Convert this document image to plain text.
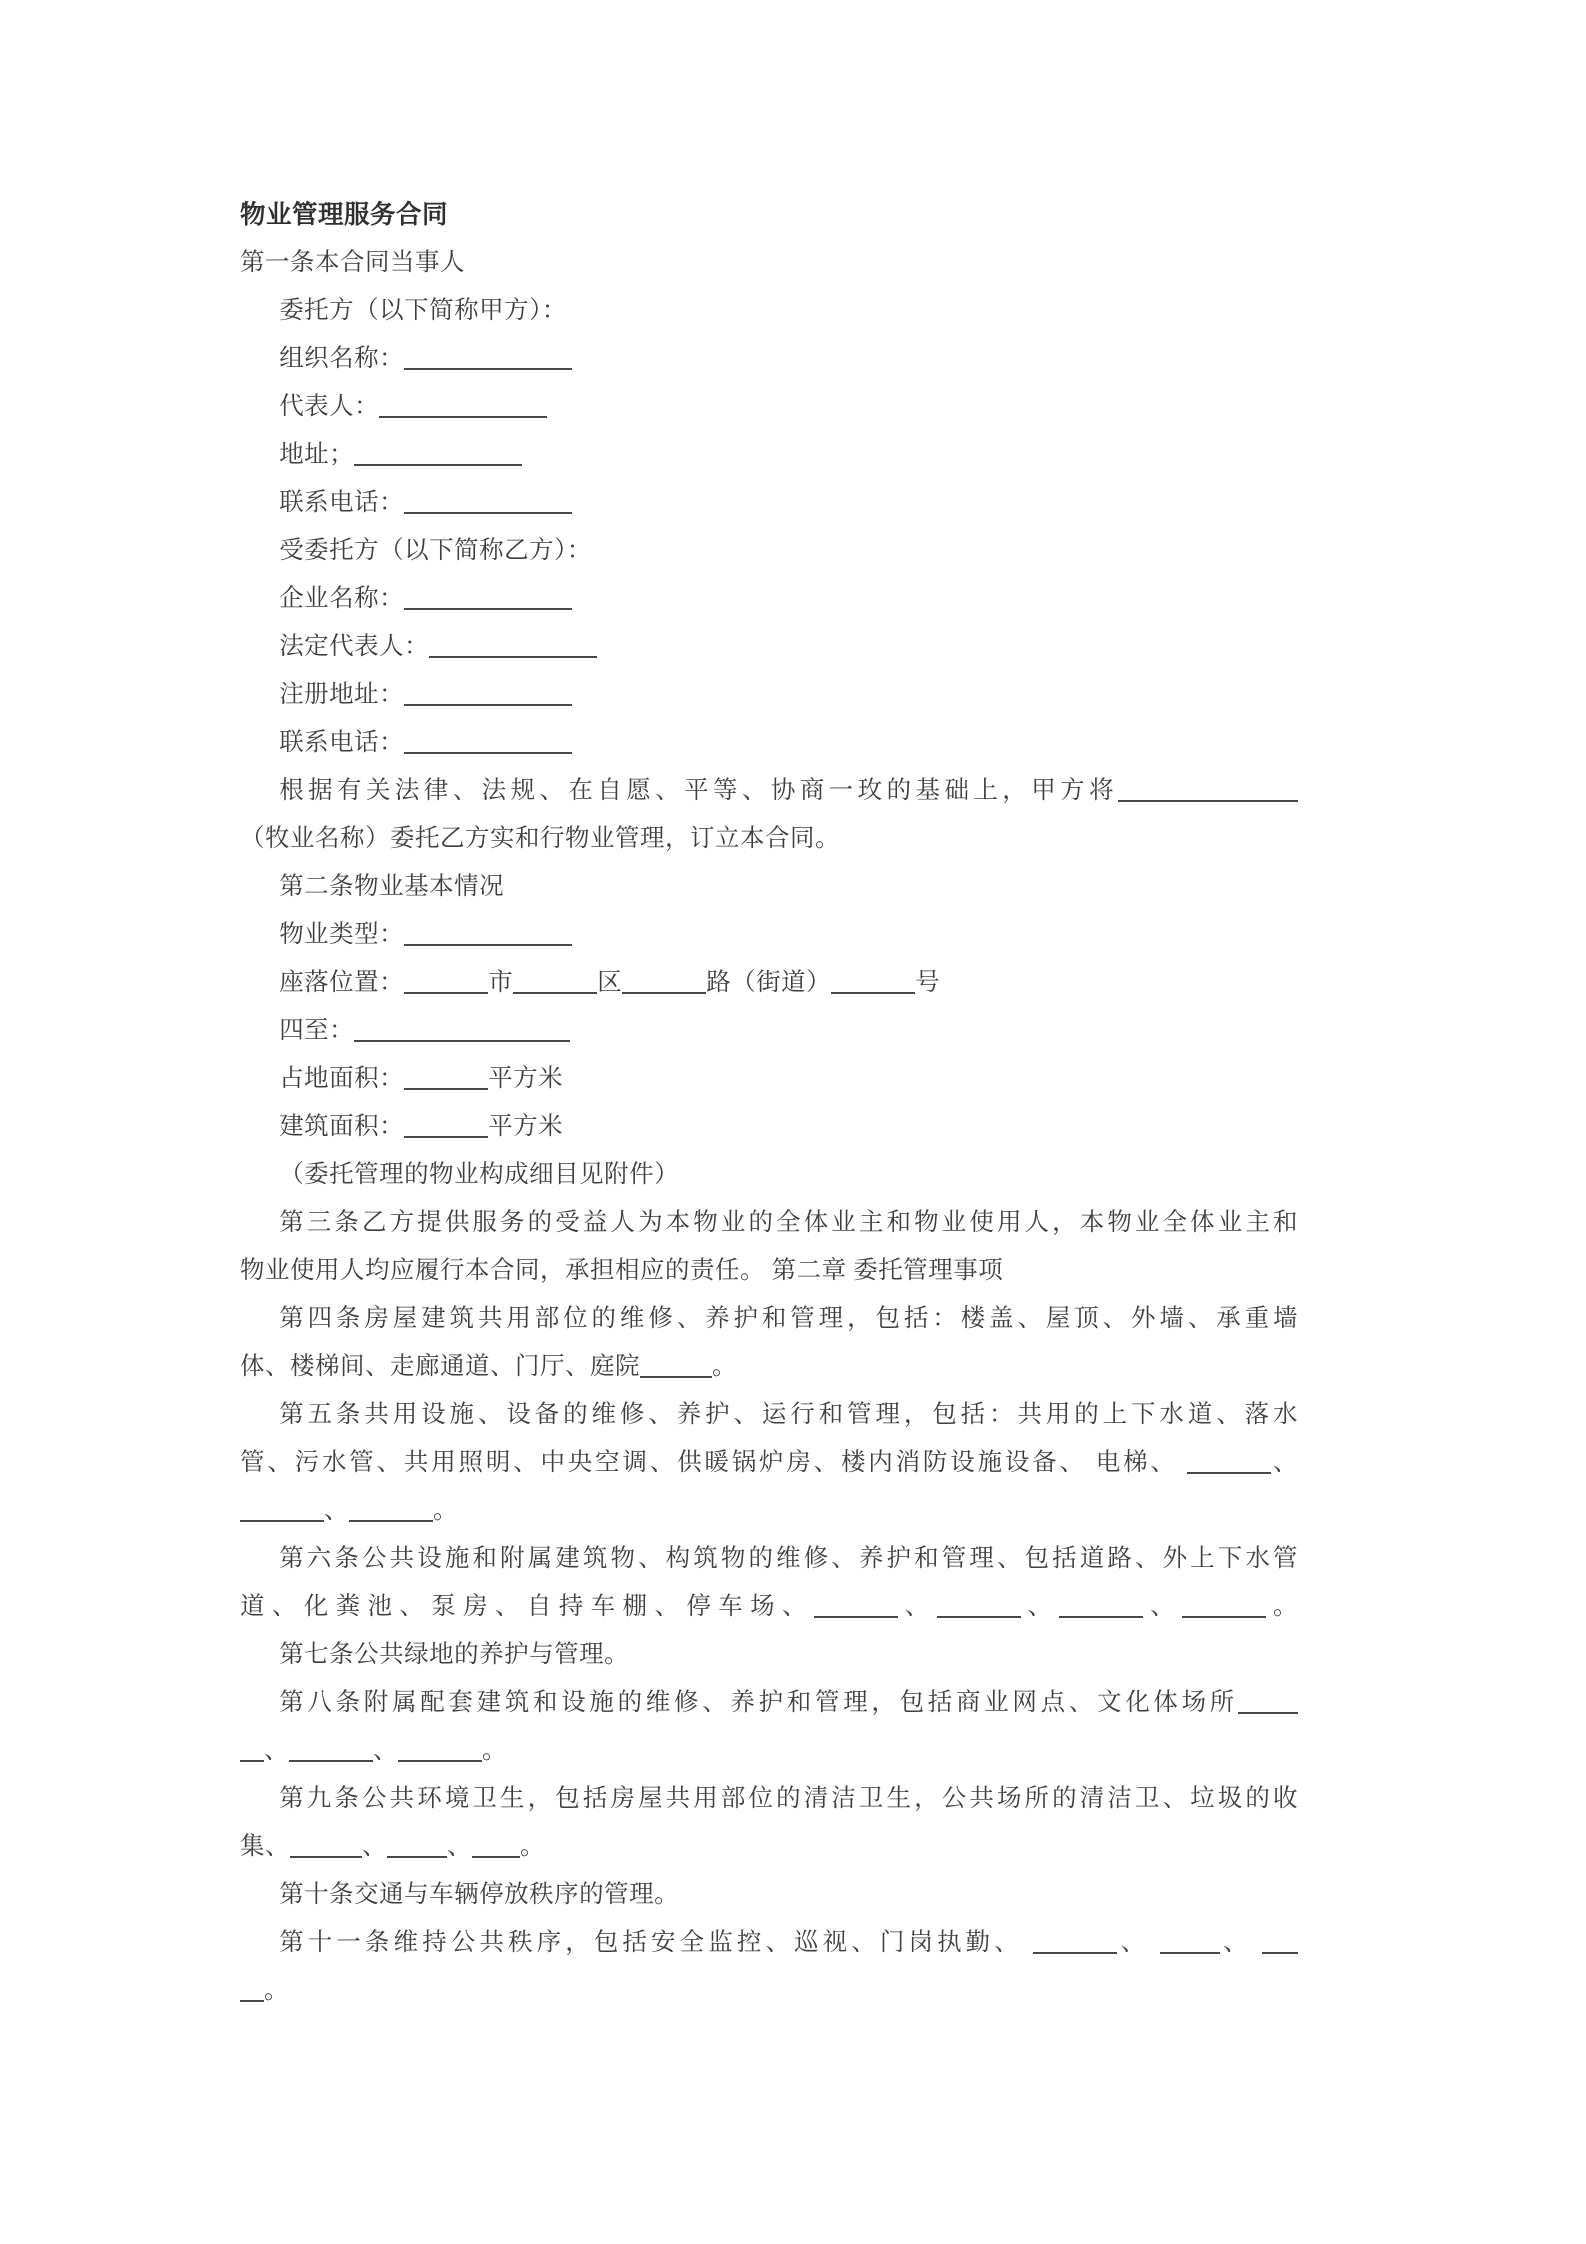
物业管理服务合同
第一条本合同当事人
委托方（以下简称甲方）：
组织名称：
代表人：
地址；
联系电话：
受委托方（以下简称乙方）：
企业名称：
法定代表人：
注册地址：
联系电话：
根据有关法律、法规、在自愿、平等、协商一玫的基础上，甲方将
（牧业名称）委托乙方实和行物业管理，订立本合同。
第二条物业基本情况
物业类型：
座落位置：	市	区	路（街道）	号
四至：
占地面积：	平方米
建筑面积：	平方米
（委托管理的物业构成细目见附件）
第三条乙方提供服务的受益人为本物业的全体业主和物业使用人，本物业全体业主和
物业使用人均应履行本合同，承担相应的责任。 第二章 委托管理事项
第四条房屋建筑共用部位的维修、养护和管理，包括：楼盖、屋顶、外墙、承重墙
体、楼梯间、走廊通道、门厅、庭院	。
第五条共用设施、设备的维修、养护、运行和管理，包括：共用的上下水道、落水
管、污水管、共用照明、中央空调、供暖锅炉房、楼内消防设施设备、 电梯、	、
、	。
第六条公共设施和附属建筑物、构筑物的维修、养护和管理、包括道路、外上下水管
道、化粪池、泵房、自持车棚、停车场、	、	、	、	。
第七条公共绿地的养护与管理。
第八条附属配套建筑和设施的维修、养护和管理，包括商业网点、文化体场所
、	、	。
第九条公共环境卫生，包括房屋共用部位的清洁卫生，公共场所的清洁卫、垃圾的收
集、	、 、 。
第十条交通与车辆停放秩序的管理。
第十一条维持公共秩序，包括安全监控、巡视、门岗执勤、	、 、
。
